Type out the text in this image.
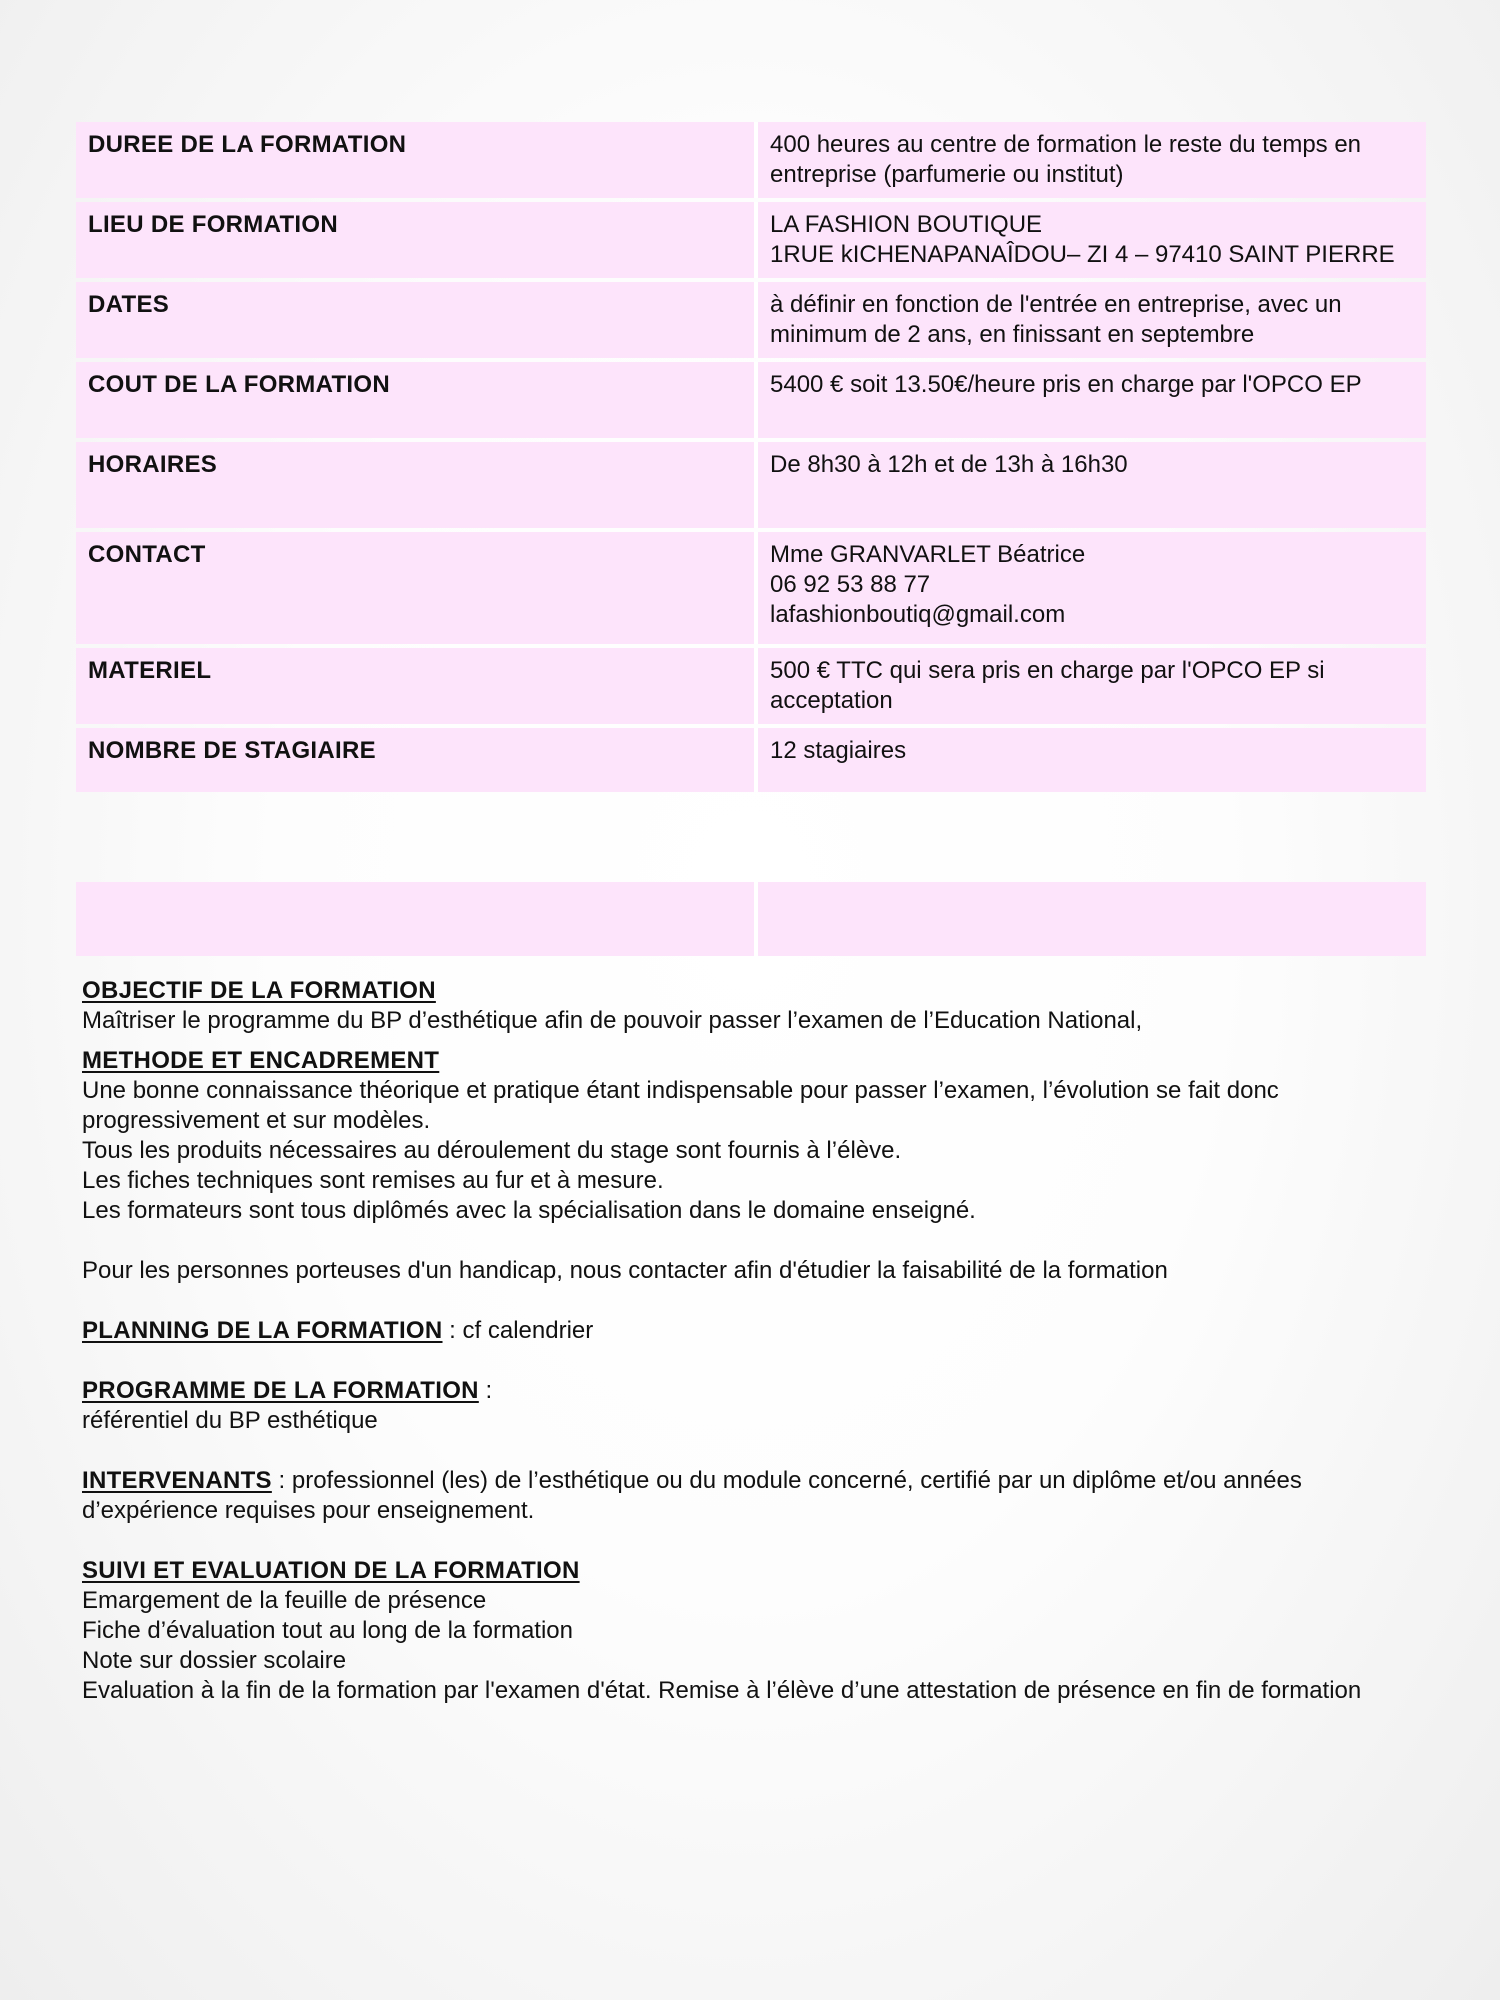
DUREE DE LA FORMATION	400 heures au centre de formation le reste du temps en entreprise (parfumerie ou institut)

LIEU DE FORMATION	LA FASHION BOUTIQUE
1RUE kICHENAPANAÎDOU– ZI 4 – 97410 SAINT PIERRE

DATES	à définir en fonction de l'entrée en entreprise, avec un minimum de 2 ans, en finissant en septembre

COUT DE LA FORMATION	5400 € soit 13.50€/heure pris en charge par l'OPCO EP

HORAIRES	De 8h30 à 12h et de 13h à 16h30

CONTACT	Mme GRANVARLET Béatrice
06 92 53 88 77
lafashionboutiq@gmail.com

MATERIEL	500 € TTC qui sera pris en charge par l'OPCO EP si acceptation

NOMBRE DE STAGIAIRE	12 stagiaires

OBJECTIF DE LA FORMATION
Maîtriser le programme du BP d’esthétique afin de pouvoir passer l’examen de l’Education National,
METHODE ET ENCADREMENT
Une bonne connaissance théorique et pratique étant indispensable pour passer l’examen, l’évolution se fait donc progressivement et sur modèles.
Tous les produits nécessaires au déroulement du stage sont fournis à l’élève.
Les fiches techniques sont remises au fur et à mesure.
Les formateurs sont tous diplômés avec la spécialisation dans le domaine enseigné.
Pour les personnes porteuses d'un handicap, nous contacter afin d'étudier la faisabilité de la formation
PLANNING DE LA FORMATION : cf calendrier
PROGRAMME DE LA FORMATION :
référentiel du BP esthétique
INTERVENANTS : professionnel (les) de l’esthétique ou du module concerné, certifié par un diplôme et/ou années d’expérience requises pour enseignement.
SUIVI ET EVALUATION DE LA FORMATION
Emargement de la feuille de présence
Fiche d’évaluation tout au long de la formation
Note sur dossier scolaire
Evaluation à la fin de la formation par l'examen d'état. Remise à l’élève d’une attestation de présence en fin de formation
